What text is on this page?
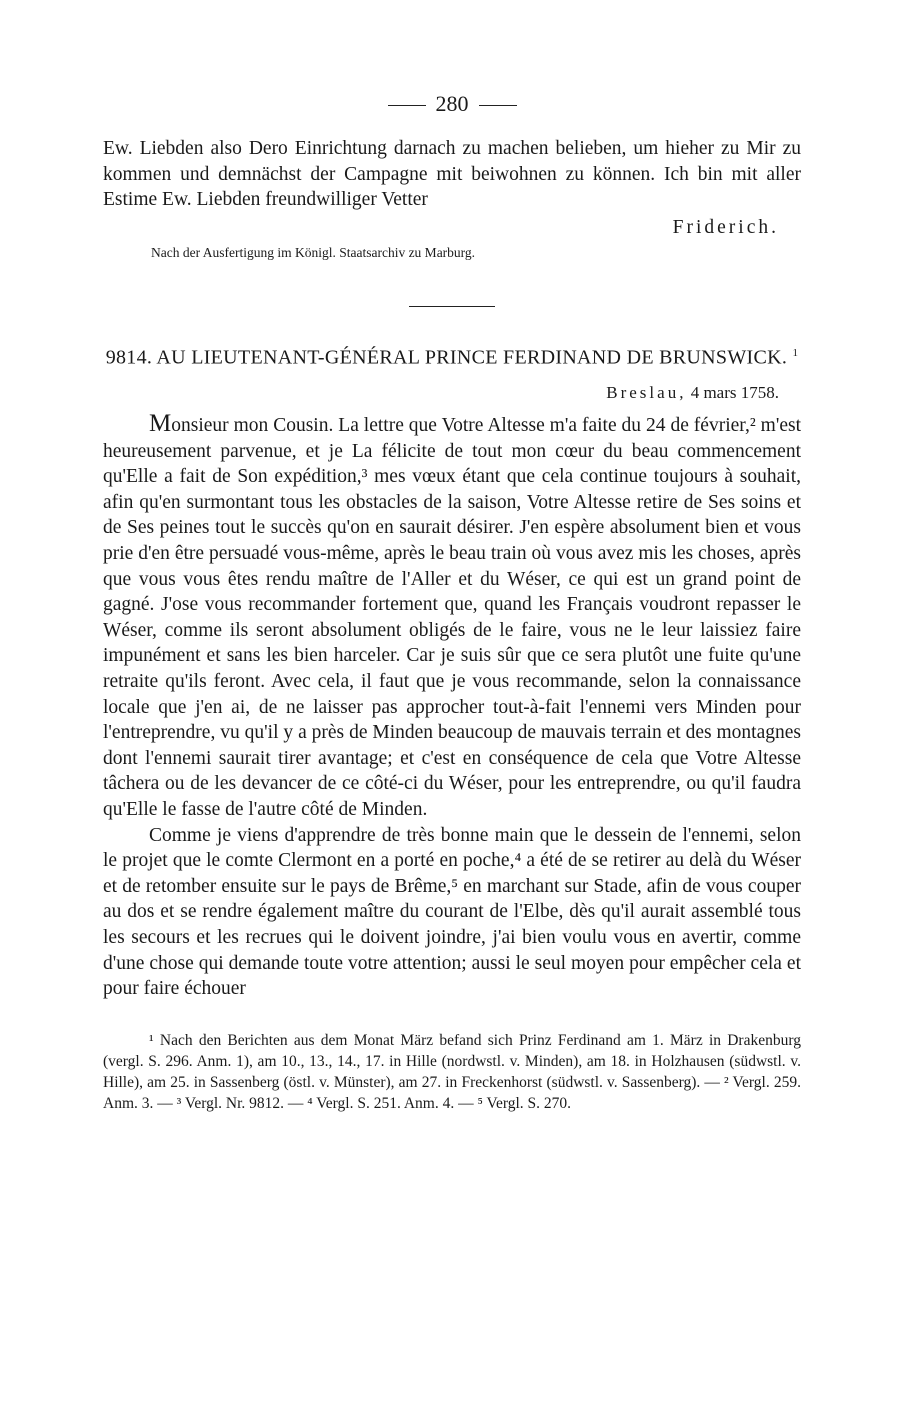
280

Ew. Liebden also Dero Einrichtung darnach zu machen belieben, um hieher zu Mir zu kommen und demnächst der Campagne mit beiwohnen zu können. Ich bin mit aller Estime Ew. Liebden freundwilliger Vetter

Friderich.
Nach der Ausfertigung im Königl. Staatsarchiv zu Marburg.
9814. AU LIEUTENANT-GÉNÉRAL PRINCE FERDINAND DE BRUNSWICK. $^1$
Breslau, 4 mars 1758.

Monsieur mon Cousin. La lettre que Votre Altesse m'a faite du 24 de février,² m'est heureusement parvenue, et je La félicite de tout mon cœur du beau commencement qu'Elle a fait de Son expédition,³ mes vœux étant que cela continue toujours à souhait, afin qu'en surmontant tous les obstacles de la saison, Votre Altesse retire de Ses soins et de Ses peines tout le succès qu'on en saurait désirer. J'en espère absolument bien et vous prie d'en être persuadé vous-même, après le beau train où vous avez mis les choses, après que vous vous êtes rendu maître de l'Aller et du Wéser, ce qui est un grand point de gagné. J'ose vous recommander fortement que, quand les Français voudront repasser le Wéser, comme ils seront absolument obligés de le faire, vous ne le leur laissiez faire impunément et sans les bien harceler. Car je suis sûr que ce sera plutôt une fuite qu'une retraite qu'ils feront. Avec cela, il faut que je vous recommande, selon la connaissance locale que j'en ai, de ne laisser pas approcher tout-à-fait l'ennemi vers Minden pour l'entreprendre, vu qu'il y a près de Minden beaucoup de mauvais terrain et des montagnes dont l'ennemi saurait tirer avantage; et c'est en conséquence de cela que Votre Altesse tâchera ou de les devancer de ce côté-ci du Wéser, pour les entreprendre, ou qu'il faudra qu'Elle le fasse de l'autre côté de Minden.

Comme je viens d'apprendre de très bonne main que le dessein de l'ennemi, selon le projet que le comte Clermont en a porté en poche,⁴ a été de se retirer au delà du Wéser et de retomber ensuite sur le pays de Brême,⁵ en marchant sur Stade, afin de vous couper au dos et se rendre également maître du courant de l'Elbe, dès qu'il aurait assemblé tous les secours et les recrues qui le doivent joindre, j'ai bien voulu vous en avertir, comme d'une chose qui demande toute votre attention; aussi le seul moyen pour empêcher cela et pour faire échouer

¹ Nach den Berichten aus dem Monat März befand sich Prinz Ferdinand am 1. März in Drakenburg (vergl. S. 296. Anm. 1), am 10., 13., 14., 17. in Hille (nordwstl. v. Minden), am 18. in Holzhausen (südwstl. v. Hille), am 25. in Sassenberg (östl. v. Münster), am 27. in Freckenhorst (südwstl. v. Sassenberg). — ² Vergl. 259. Anm. 3. — ³ Vergl. Nr. 9812. — ⁴ Vergl. S. 251. Anm. 4. — ⁵ Vergl. S. 270.
